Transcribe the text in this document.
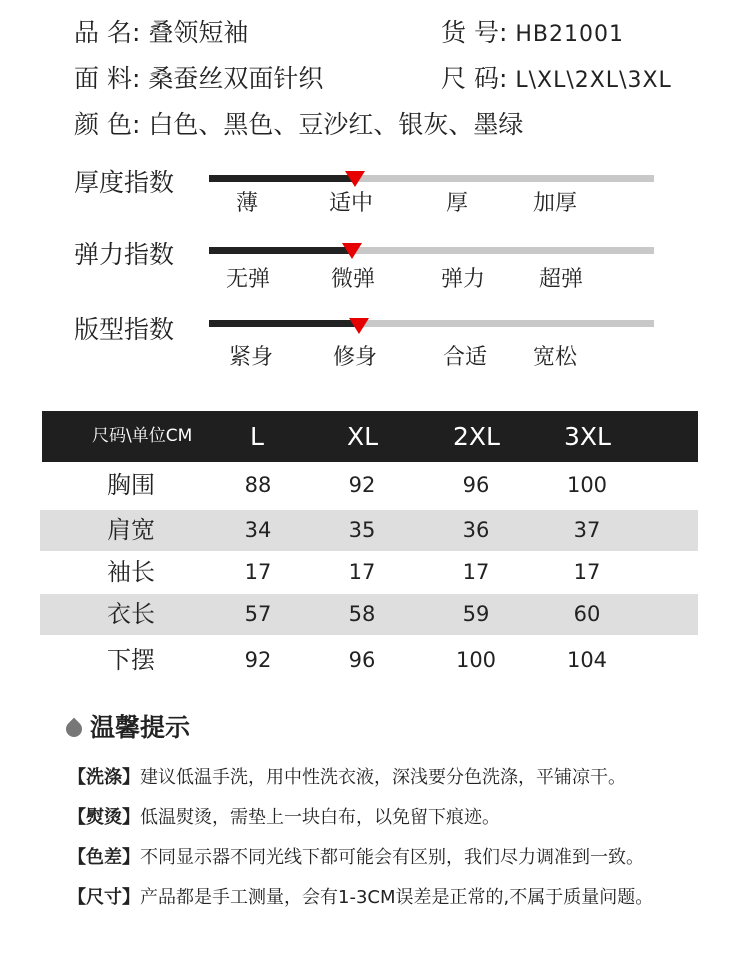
品 名: 叠领短袖	货 号: HB21001
面 料: 桑蚕丝双面针织	尺 码: L\XL\2XL\3XL
颜 色: 白色、黑色、豆沙红、银灰、墨绿
厚度指数
薄	适中	厚	加厚
弹力指数
无弹	微弹	弹力 超弹
版型指数
紧身	修身	合适 宽松
尺码\单位CM L	XL	2XL	3XL
胸围	88	92	96	100
肩宽	34	35	36	37
袖长	17	17	17	17
衣长	57	58	59	60
下摆	92	96	100	104
温馨提示
【洗涤】建议低温手洗，用中性洗衣液，深浅要分色洗涤，平铺凉干。
【熨烫】低温熨烫，需垫上一块白布，以免留下痕迹。
【色差】不同显示器不同光线下都可能会有区别，我们尽力调准到一致。
【尺寸】产品都是手工测量，会有1-3CM误差是正常的,不属于质量问题。
